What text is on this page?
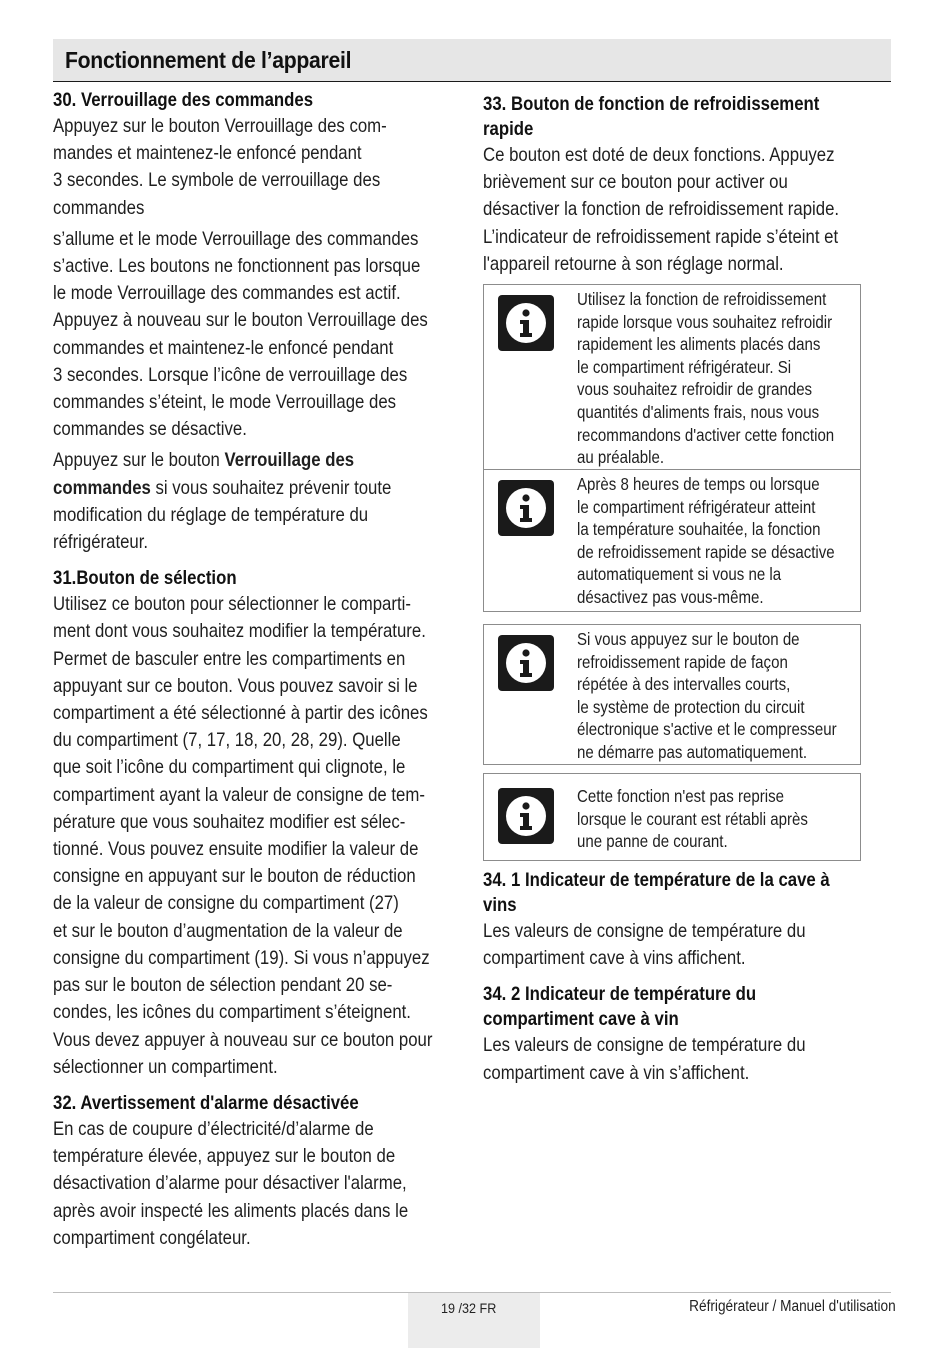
Fonctionnement de l’appareil
30. Verrouillage des commandes

Appuyez sur le bouton Verrouillage des com-
mandes et maintenez-le enfoncé pendant
3 secondes. Le symbole de verrouillage des
commandes

s’allume et le mode Verrouillage des commandes
s’active. Les boutons ne fonctionnent pas lorsque
le mode Verrouillage des commandes est actif.
Appuyez à nouveau sur le bouton Verrouillage des
commandes et maintenez-le enfoncé pendant
3 secondes. Lorsque l’icône de verrouillage des
commandes s’éteint, le mode Verrouillage des
commandes se désactive.

Appuyez sur le bouton Verrouillage des
commandes si vous souhaitez prévenir toute
modification du réglage de température du
réfrigérateur.

31.Bouton de sélection

Utilisez ce bouton pour sélectionner le comparti-
ment dont vous souhaitez modifier la température.
Permet de basculer entre les compartiments en
appuyant sur ce bouton. Vous pouvez savoir si le
compartiment a été sélectionné à partir des icônes
du compartiment (7, 17, 18, 20, 28, 29). Quelle
que soit l’icône du compartiment qui clignote, le
compartiment ayant la valeur de consigne de tem-
pérature que vous souhaitez modifier est sélec-
tionné. Vous pouvez ensuite modifier la valeur de
consigne en appuyant sur le bouton de réduction
de la valeur de consigne du compartiment (27)
et sur le bouton d’augmentation de la valeur de
consigne du compartiment (19). Si vous n’appuyez
pas sur le bouton de sélection pendant 20 se-
condes, les icônes du compartiment s’éteignent.
Vous devez appuyer à nouveau sur ce bouton pour
sélectionner un compartiment.

32. Avertissement d'alarme désactivée

En cas de coupure d’électricité/d’alarme de
température élevée, appuyez sur le bouton de
désactivation d’alarme pour désactiver l'alarme,
après avoir inspecté les aliments placés dans le
compartiment congélateur.

33. Bouton de fonction de refroidissement
rapide

Ce bouton est doté de deux fonctions. Appuyez
brièvement sur ce bouton pour activer ou
désactiver la fonction de refroidissement rapide.
L’indicateur de refroidissement rapide s’éteint et
l'appareil retourne à son réglage normal.

Utilisez la fonction de refroidissement
rapide lorsque vous souhaitez refroidir
rapidement les aliments placés dans
le compartiment réfrigérateur. Si
vous souhaitez refroidir de grandes
quantités d'aliments frais, nous vous
recommandons d'activer cette fonction
au préalable.
Après 8 heures de temps ou lorsque
le compartiment réfrigérateur atteint
la température souhaitée, la fonction
de refroidissement rapide se désactive
automatiquement si vous ne la
désactivez pas vous-même.
Si vous appuyez sur le bouton de
refroidissement rapide de façon
répétée à des intervalles courts,
le système de protection du circuit
électronique s'active et le compresseur
ne démarre pas automatiquement.
Cette fonction n'est pas reprise
lorsque le courant est rétabli après
une panne de courant.
34. 1 Indicateur de température de la cave à
vins

Les valeurs de consigne de température du
compartiment cave à vins affichent.

34. 2 Indicateur de température du
compartiment cave à vin

Les valeurs de consigne de température du
compartiment cave à vin s’affichent.

19 /32 FR	Réfrigérateur / Manuel d'utilisation
